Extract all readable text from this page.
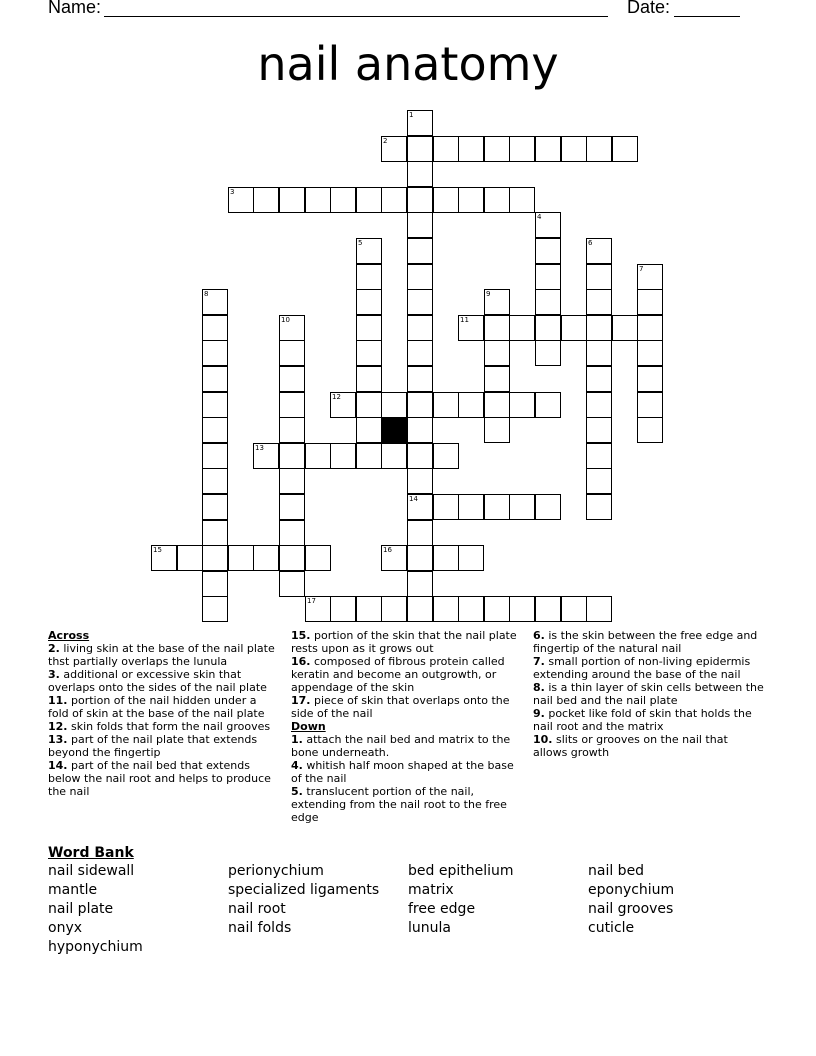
Name:	Date:
nail anatomy
1
2
3
4
5	6
7
8	9
10	11
12
13
14
15	16
17
Across

2. living skin at the base of the nail plate thst partially overlaps the lunula

3. additional or excessive skin that overlaps onto the sides of the nail plate

11. portion of the nail hidden under a fold of skin at the base of the nail plate

12. skin folds that form the nail grooves

13. part of the nail plate that extends beyond the fingertip

14. part of the nail bed that extends below the nail root and helps to produce the nail

15. portion of the skin that the nail plate rests upon as it grows out

16. composed of fibrous protein called keratin and become an outgrowth, or appendage of the skin

17. piece of skin that overlaps onto the side of the nail

Down

1. attach the nail bed and matrix to the bone underneath.

4. whitish half moon shaped at the base of the nail

5. translucent portion of the nail, extending from the nail root to the free edge

6. is the skin between the free edge and fingertip of the natural nail

7. small portion of non-living epidermis extending around the base of the nail

8. is a thin layer of skin cells between the nail bed and the nail plate

9. pocket like fold of skin that holds the nail root and the matrix

10. slits or grooves on the nail that allows growth

Word Bank
nail sidewall
mantle
nail plate
onyx
hyponychium
perionychium
specialized ligaments
nail root
nail folds
bed epithelium
matrix
free edge
lunula
nail bed
eponychium
nail grooves
cuticle
